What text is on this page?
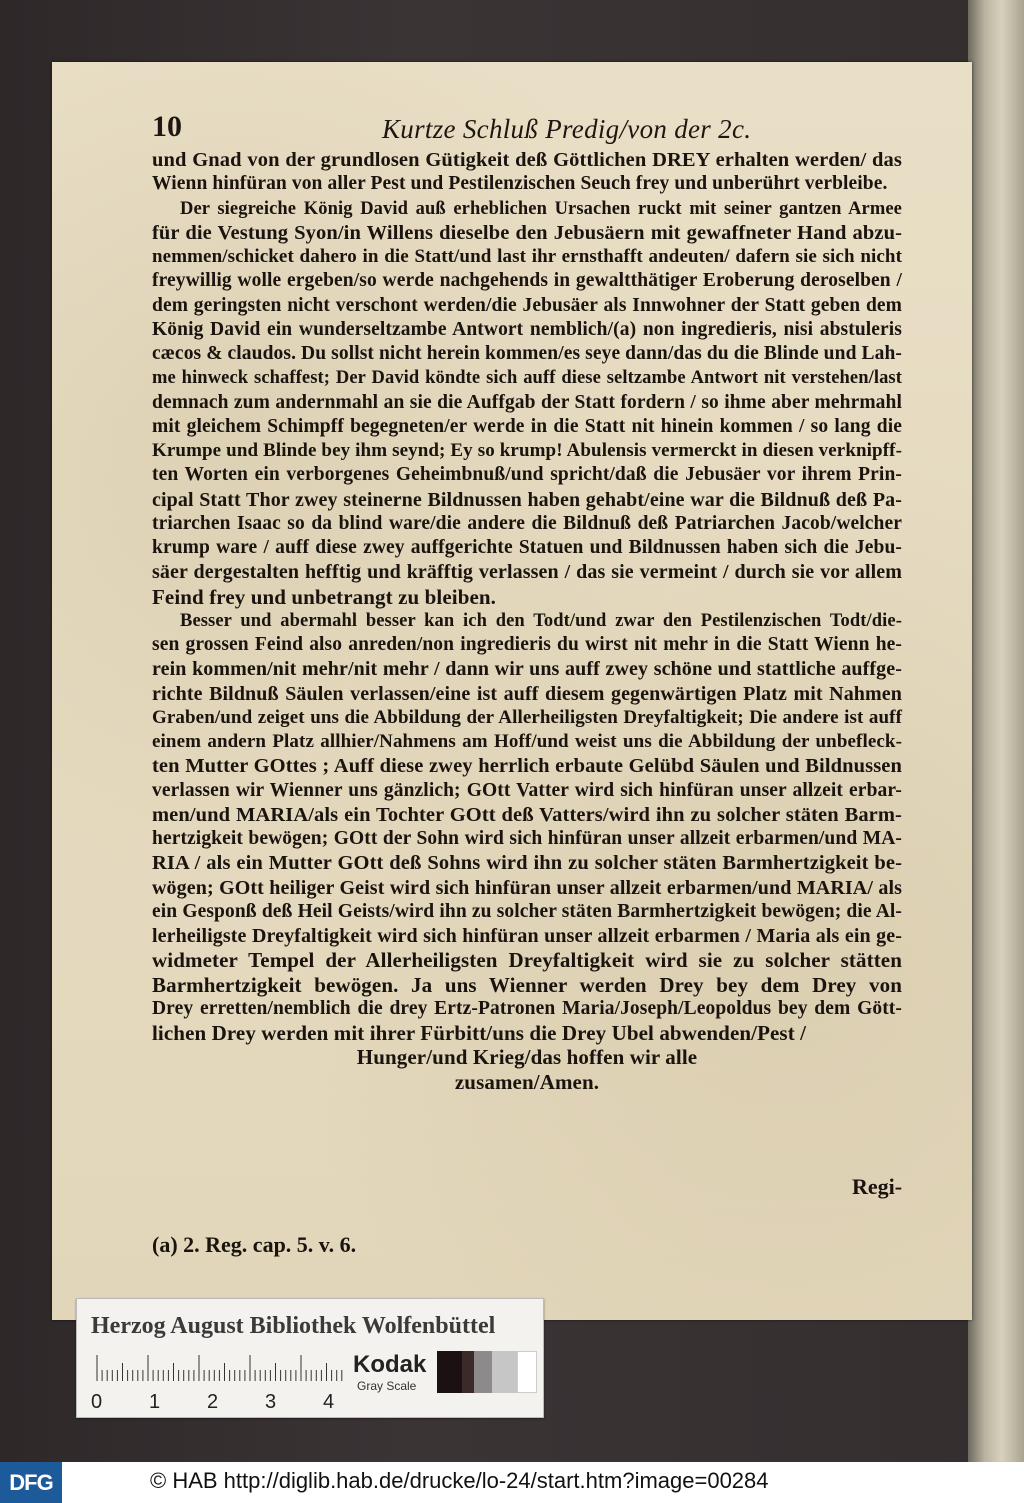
10	Kurtze Schluß Predig/von der 2c.
und Gnad von der grundlosen Gütigkeit deß Göttlichen DREY erhalten werden/ das
Wienn hinfüran von aller Pest und Pestilenzischen Seuch frey und unberührt verbleibe.
Der siegreiche König David auß erheblichen Ursachen ruckt mit seiner gantzen Armee
für die Vestung Syon/in Willens dieselbe den Jebusäern mit gewaffneter Hand abzu-
nemmen/schicket dahero in die Statt/und last ihr ernsthafft andeuten/ dafern sie sich nicht
freywillig wolle ergeben/so werde nachgehends in gewaltthätiger Eroberung deroselben /
dem geringsten nicht verschont werden/die Jebusäer als Innwohner der Statt geben dem
König David ein wunderseltzambe Antwort nemblich/(a) non ingredieris, nisi abstuleris
cæcos & claudos. Du sollst nicht herein kommen/es seye dann/das du die Blinde und Lah-
me hinweck schaffest; Der David köndte sich auff diese seltzambe Antwort nit verstehen/last
demnach zum andernmahl an sie die Auffgab der Statt fordern / so ihme aber mehrmahl
mit gleichem Schimpff begegneten/er werde in die Statt nit hinein kommen / so lang die
Krumpe und Blinde bey ihm seynd; Ey so krump! Abulensis vermerckt in diesen verknipff-
ten Worten ein verborgenes Geheimbnuß/und spricht/daß die Jebusäer vor ihrem Prin-
cipal Statt Thor zwey steinerne Bildnussen haben gehabt/eine war die Bildnuß deß Pa-
triarchen Isaac so da blind ware/die andere die Bildnuß deß Patriarchen Jacob/welcher
krump ware / auff diese zwey auffgerichte Statuen und Bildnussen haben sich die Jebu-
säer dergestalten hefftig und kräfftig verlassen / das sie vermeint / durch sie vor allem
Feind frey und unbetrangt zu bleiben.
Besser und abermahl besser kan ich den Todt/und zwar den Pestilenzischen Todt/die-
sen grossen Feind also anreden/non ingredieris du wirst nit mehr in die Statt Wienn he-
rein kommen/nit mehr/nit mehr / dann wir uns auff zwey schöne und stattliche auffge-
richte Bildnuß Säulen verlassen/eine ist auff diesem gegenwärtigen Platz mit Nahmen
Graben/und zeiget uns die Abbildung der Allerheiligsten Dreyfaltigkeit; Die andere ist auff
einem andern Platz allhier/Nahmens am Hoff/und weist uns die Abbildung der unbefleck-
ten Mutter GOttes ; Auff diese zwey herrlich erbaute Gelübd Säulen und Bildnussen
verlassen wir Wienner uns gänzlich; GOtt Vatter wird sich hinfüran unser allzeit erbar-
men/und MARIA/als ein Tochter GOtt deß Vatters/wird ihn zu solcher stäten Barm-
hertzigkeit bewögen; GOtt der Sohn wird sich hinfüran unser allzeit erbarmen/und MA-
RIA / als ein Mutter GOtt deß Sohns wird ihn zu solcher stäten Barmhertzigkeit be-
wögen; GOtt heiliger Geist wird sich hinfüran unser allzeit erbarmen/und MARIA/ als
ein Gesponß deß Heil Geists/wird ihn zu solcher stäten Barmhertzigkeit bewögen; die Al-
lerheiligste Dreyfaltigkeit wird sich hinfüran unser allzeit erbarmen / Maria als ein ge-
widmeter Tempel der Allerheiligsten Dreyfaltigkeit wird sie zu solcher stätten
Barmhertzigkeit bewögen. Ja uns Wienner werden Drey bey dem Drey von
Drey erretten/nemblich die drey Ertz-Patronen Maria/Joseph/Leopoldus bey dem Gött-
lichen Drey werden mit ihrer Fürbitt/uns die Drey Ubel abwenden/Pest /
Hunger/und Krieg/das hoffen wir alle
zusamen/Amen.
Regi-
(a) 2. Reg. cap. 5. v. 6.
Herzog August Bibliothek Wolfenbüttel
0 1 2 3 4
Kodak
Gray Scale
DFG	© HAB http://diglib.hab.de/drucke/lo-24/start.htm?image=00284
